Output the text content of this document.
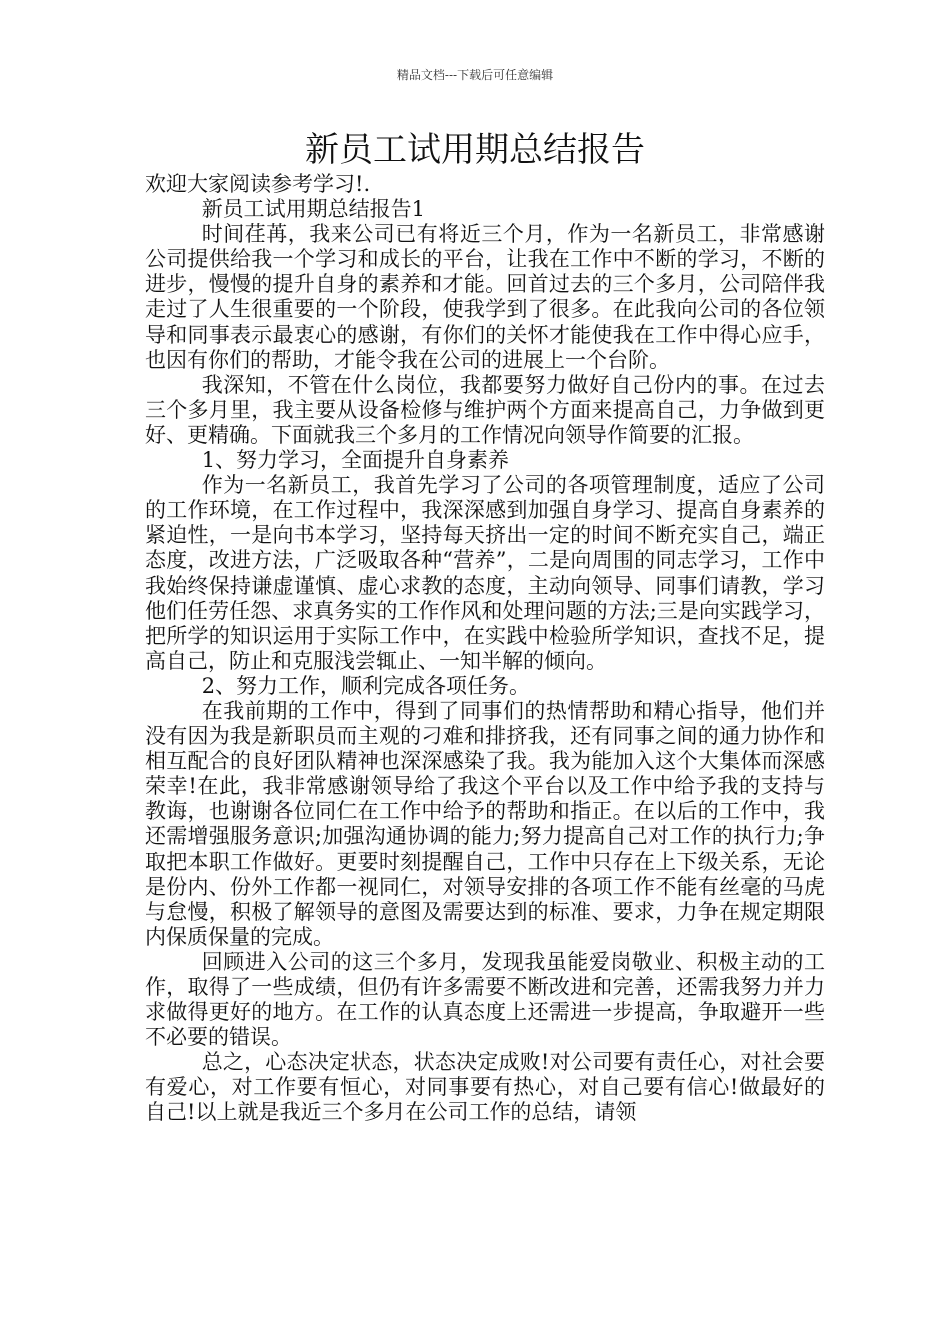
精品文档---下载后可任意编辑
新员工试用期总结报告

欢迎大家阅读参考学习!.

新员工试用期总结报告1

时间荏苒，我来公司已有将近三个月，作为一名新员工，非常感谢公司提供给我一个学习和成长的平台，让我在工作中不断的学习，不断的进步，慢慢的提升自身的素养和才能。回首过去的三个多月，公司陪伴我走过了人生很重要的一个阶段，使我学到了很多。在此我向公司的各位领导和同事表示最衷心的感谢，有你们的关怀才能使我在工作中得心应手，也因有你们的帮助，才能令我在公司的进展上一个台阶。

我深知，不管在什么岗位，我都要努力做好自己份内的事。在过去三个多月里，我主要从设备检修与维护两个方面来提高自己，力争做到更好、更精确。下面就我三个多月的工作情况向领导作简要的汇报。

1、努力学习，全面提升自身素养

作为一名新员工，我首先学习了公司的各项管理制度，适应了公司的工作环境，在工作过程中，我深深感到加强自身学习、提高自身素养的紧迫性，一是向书本学习，坚持每天挤出一定的时间不断充实自己，端正态度，改进方法，广泛吸取各种“营养”，二是向周围的同志学习，工作中我始终保持谦虚谨慎、虚心求教的态度，主动向领导、同事们请教，学习他们任劳任怨、求真务实的工作作风和处理问题的方法;三是向实践学习，把所学的知识运用于实际工作中，在实践中检验所学知识，查找不足，提高自己，防止和克服浅尝辄止、一知半解的倾向。

2、努力工作，顺利完成各项任务。

在我前期的工作中，得到了同事们的热情帮助和精心指导，他们并没有因为我是新职员而主观的刁难和排挤我，还有同事之间的通力协作和相互配合的良好团队精神也深深感染了我。我为能加入这个大集体而深感荣幸!在此，我非常感谢领导给了我这个平台以及工作中给予我的支持与教诲，也谢谢各位同仁在工作中给予的帮助和指正。在以后的工作中，我还需增强服务意识;加强沟通协调的能力;努力提高自己对工作的执行力;争取把本职工作做好。更要时刻提醒自己，工作中只存在上下级关系，无论是份内、份外工作都一视同仁，对领导安排的各项工作不能有丝毫的马虎与怠慢，积极了解领导的意图及需要达到的标准、要求，力争在规定期限内保质保量的完成。

回顾进入公司的这三个多月，发现我虽能爱岗敬业、积极主动的工作，取得了一些成绩，但仍有许多需要不断改进和完善，还需我努力并力求做得更好的地方。在工作的认真态度上还需进一步提高，争取避开一些不必要的错误。

总之，心态决定状态，状态决定成败!对公司要有责任心，对社会要有爱心，对工作要有恒心，对同事要有热心，对自己要有信心!做最好的自己!以上就是我近三个多月在公司工作的总结，请领
